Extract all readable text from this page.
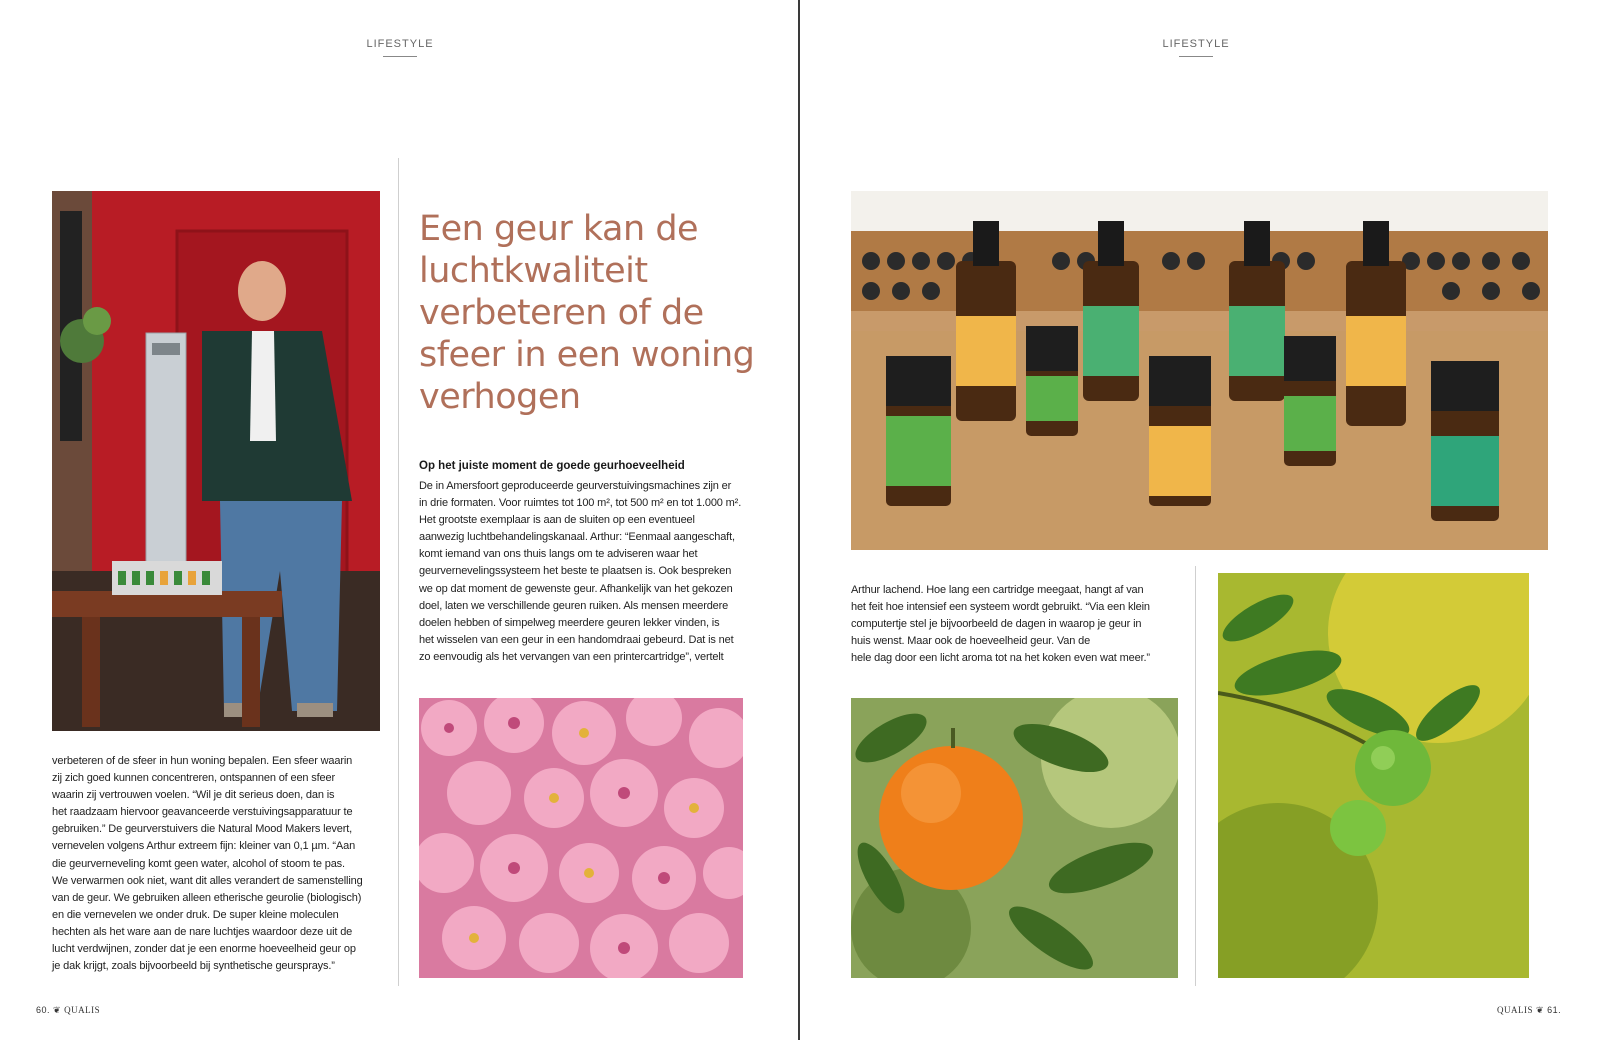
LIFESTYLE
Een geur kan de luchtkwaliteit verbeteren of de sfeer in een woning verhogen
Op het juiste moment de goede geurhoeveelheid
De in Amersfoort geproduceerde geurverstuivingsmachines zijn er
in drie formaten. Voor ruimtes tot 100 m², tot 500 m² en tot 1.000 m².
Het grootste exemplaar is aan de sluiten op een eventueel
aanwezig luchtbehandelingskanaal. Arthur: “Eenmaal aangeschaft,
komt iemand van ons thuis langs om te adviseren waar het
geurvernevelingssysteem het beste te plaatsen is. Ook bespreken
we op dat moment de gewenste geur. Afhankelijk van het gekozen
doel, laten we verschillende geuren ruiken. Als mensen meerdere
doelen hebben of simpelweg meerdere geuren lekker vinden, is
het wisselen van een geur in een handomdraai gebeurd. Dat is net
zo eenvoudig als het vervangen van een printercartridge”, vertelt
verbeteren of de sfeer in hun woning bepalen. Een sfeer waarin
zij zich goed kunnen concentreren, ontspannen of een sfeer
waarin zij vertrouwen voelen. “Wil je dit serieus doen, dan is
het raadzaam hiervoor geavanceerde verstuivingsapparatuur te
gebruiken.” De geurverstuivers die Natural Mood Makers levert,
vernevelen volgens Arthur extreem fijn: kleiner van 0,1 µm. “Aan
die geurverneveling komt geen water, alcohol of stoom te pas.
We verwarmen ook niet, want dit alles verandert de samenstelling
van de geur. We gebruiken alleen etherische geurolie (biologisch)
en die vernevelen we onder druk. De super kleine moleculen
hechten als het ware aan de nare luchtjes waardoor deze uit de
lucht verdwijnen, zonder dat je een enorme hoeveelheid geur op
je dak krijgt, zoals bijvoorbeeld bij synthetische geursprays.”
60. ❦ QUALIS
LIFESTYLE
Arthur lachend. Hoe lang een cartridge meegaat, hangt af van
het feit hoe intensief een systeem wordt gebruikt. “Via een klein
computertje stel je bijvoorbeeld de dagen in waarop je geur in
huis wenst. Maar ook de hoeveelheid geur. Van de
hele dag door een licht aroma tot na het koken even wat meer.”
QUALIS ❦ 61.
